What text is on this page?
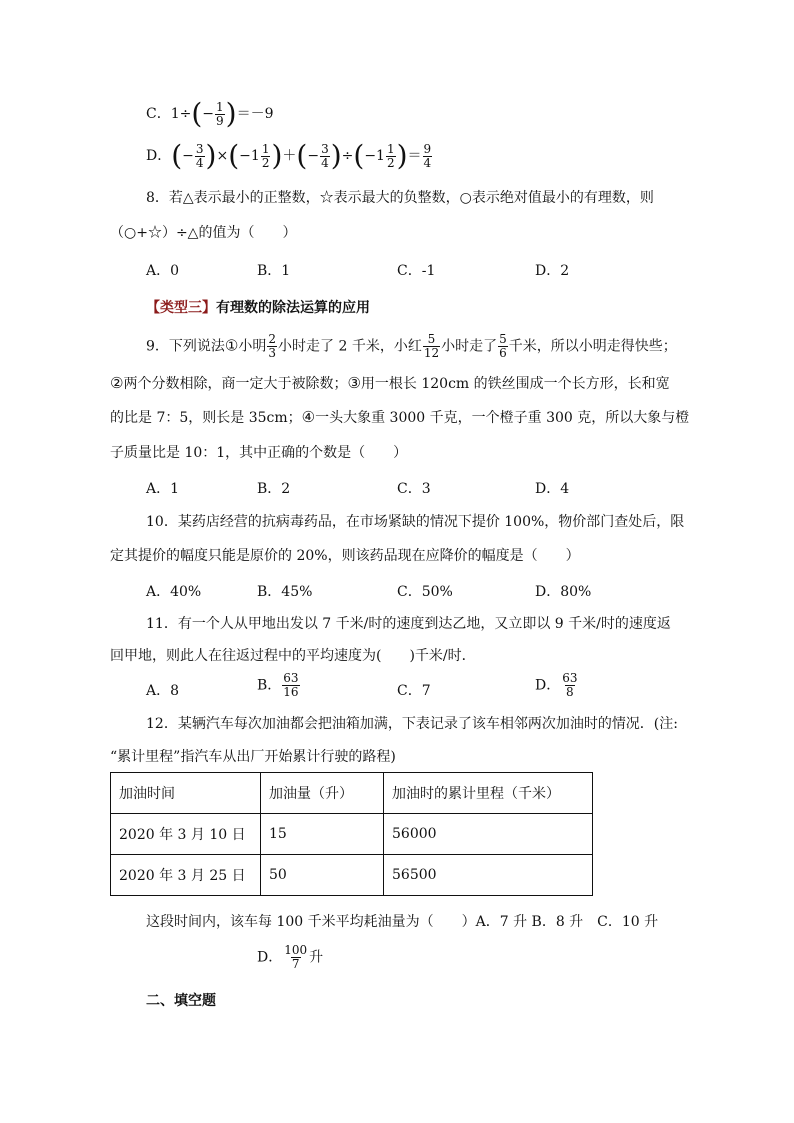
C．$1\div(- \frac{1}{9} )=-9$
D．(− $\frac{3}{4} )\times(-1 \frac{1}{2}$ )＋(− $\frac{3}{4} )\div(-1 \frac{1}{2}$ )＝ $\frac{9}{4}$
8．若△表示最小的正整数，☆表示最大的负整数，○表示绝对值最小的有理数，则
（○+☆）÷△的值为（　　）
A．0	B．1	C．-1	D．2
【类型三】有理数的除法运算的应用
9．下列说法①小明 $\frac{2}{3}$ 小时走了 2 千米，小红 $\frac{5}{12}$ 小时走了 $\frac{5}{6}$ 千米，所以小明走得快些；
②两个分数相除，商一定大于被除数；③用一根长 120cm 的铁丝围成一个长方形，长和宽
的比是 7：5，则长是 35cm；④一头大象重 3000 千克，一个橙子重 300 克，所以大象与橙
子质量比是 10：1，其中正确的个数是（　　）
A．1	B．2	C．3	D．4
10．某药店经营的抗病毒药品，在市场紧缺的情况下提价 100%，物价部门查处后，限
定其提价的幅度只能是原价的 20%，则该药品现在应降价的幅度是（　　）
A．40%	B．45%	C．50%	D．80%
11．有一个人从甲地出发以 7 千米/时的速度到达乙地，又立即以 9 千米/时的速度返
回甲地，则此人在往返过程中的平均速度为(　　)千米/时．
A．8	B． $\frac{63}{16}$	C．7	D． $\frac{63}{8}$
12．某辆汽车每次加油都会把油箱加满，下表记录了该车相邻两次加油时的情况．(注:
“累计里程”指汽车从出厂开始累计行驶的路程)
加油时间	加油量（升）	加油时的累计里程（千米）
2020 年 3 月 10 日	15	56000
2020 年 3 月 25 日	50	56500
这段时间内，该车每 100 千米平均耗油量为（　　）A．7 升 B．8 升　C．10 升
D． $\frac{100}{7}$ 升
二、填空题
